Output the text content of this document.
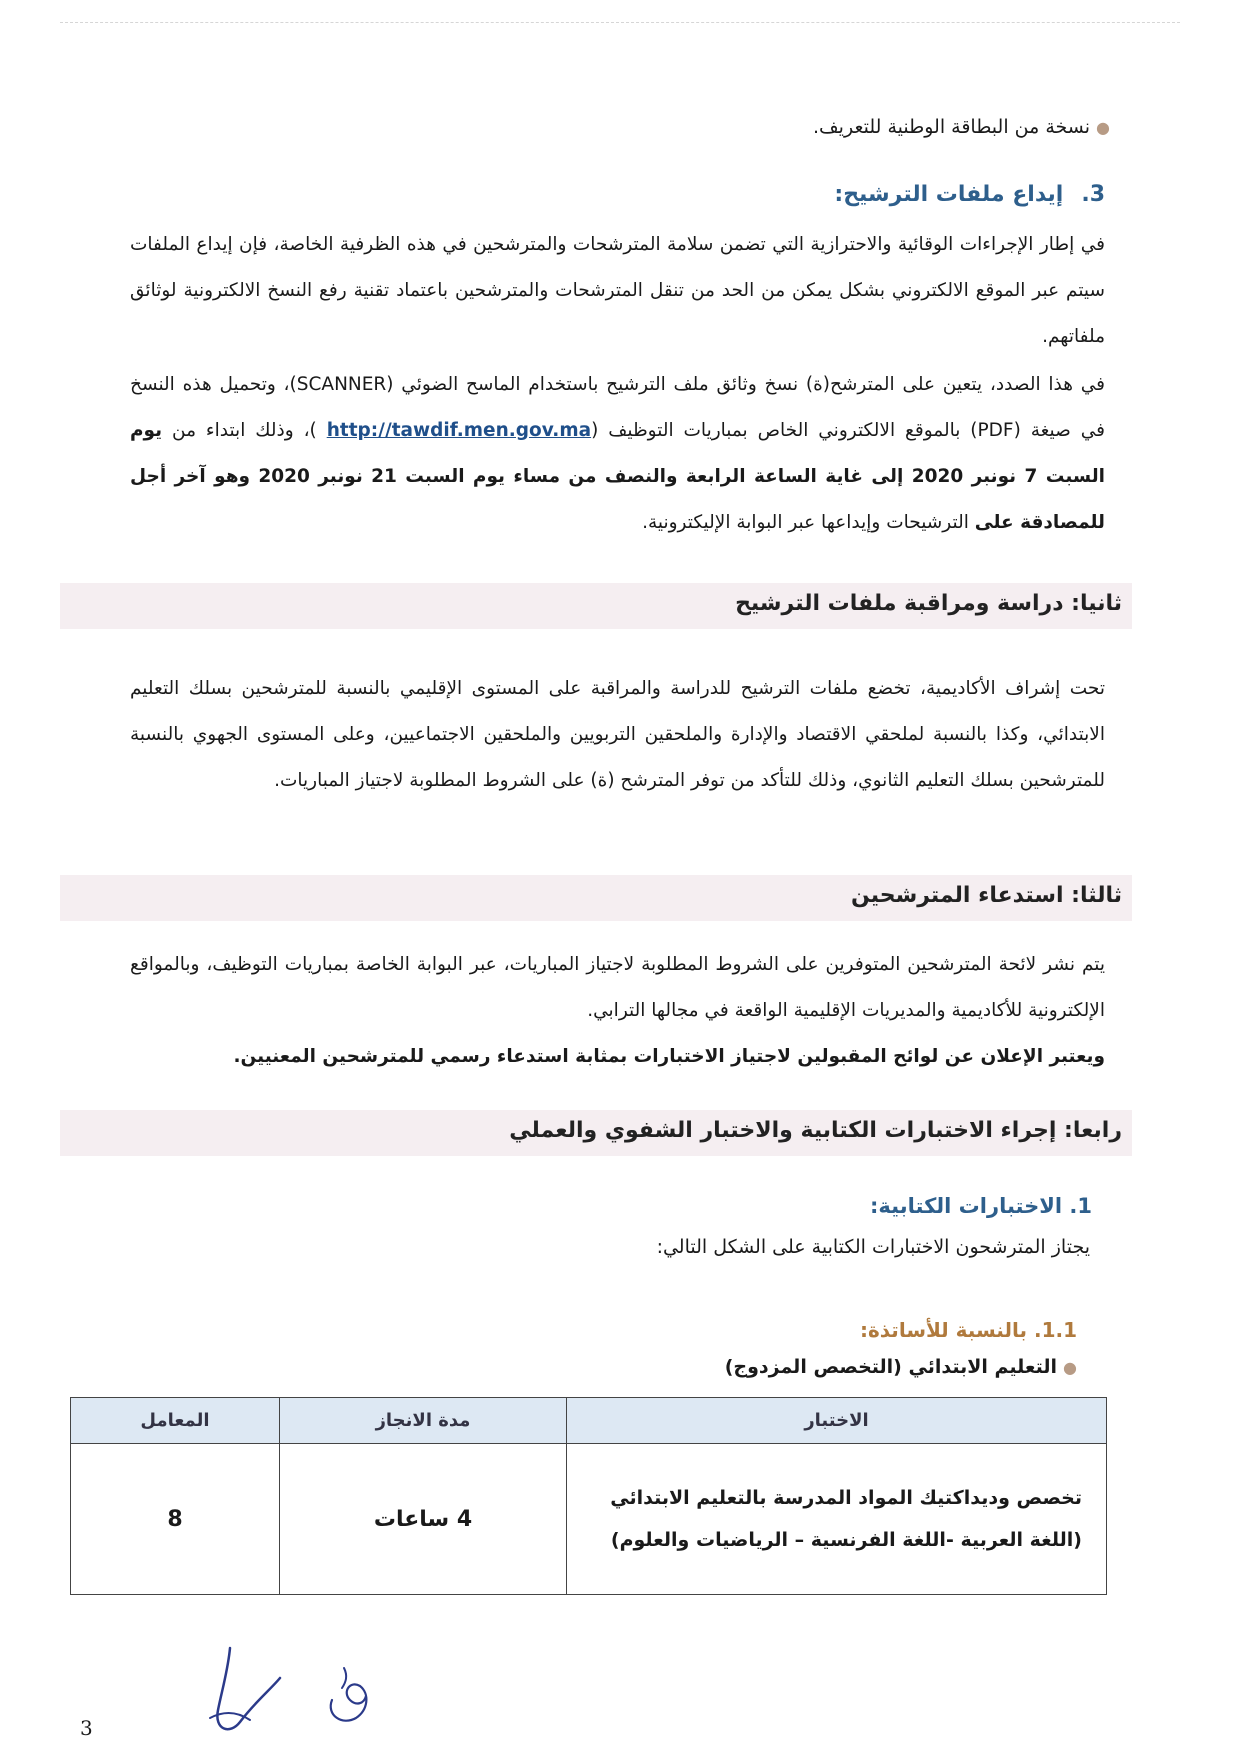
●نسخة من البطاقة الوطنية للتعريف.
3.إيداع ملفات الترشيح:
في إطار الإجراءات الوقائية والاحترازية التي تضمن سلامة المترشحات والمترشحين في هذه الظرفية الخاصة، فإن إيداع الملفات سيتم عبر الموقع الالكتروني بشكل يمكن من الحد من تنقل المترشحات والمترشحين باعتماد تقنية رفع النسخ الالكترونية لوثائق ملفاتهم.
في هذا الصدد، يتعين على المترشح(ة) نسخ وثائق ملف الترشيح باستخدام الماسح الضوئي (SCANNER)، وتحميل هذه النسخ في صيغة (PDF) بالموقع الالكتروني الخاص بمباريات التوظيف (http://tawdif.men.gov.ma )، وذلك ابتداء من يوم السبت 7 نونبر 2020 إلى غاية الساعة الرابعة والنصف من مساء يوم السبت 21 نونبر 2020 وهو آخر أجل للمصادقة على الترشيحات وإيداعها عبر البوابة الإليكترونية.
ثانيا: دراسة ومراقبة ملفات الترشيح
تحت إشراف الأكاديمية، تخضع ملفات الترشيح للدراسة والمراقبة على المستوى الإقليمي بالنسبة للمترشحين بسلك التعليم الابتدائي، وكذا بالنسبة لملحقي الاقتصاد والإدارة والملحقين التربويين والملحقين الاجتماعيين، وعلى المستوى الجهوي بالنسبة للمترشحين بسلك التعليم الثانوي، وذلك للتأكد من توفر المترشح (ة) على الشروط المطلوبة لاجتياز المباريات.
ثالثا: استدعاء المترشحين
يتم نشر لائحة المترشحين المتوفرين على الشروط المطلوبة لاجتياز المباريات، عبر البوابة الخاصة بمباريات التوظيف، وبالمواقع الإلكترونية للأكاديمية والمديريات الإقليمية الواقعة في مجالها الترابي.
ويعتبر الإعلان عن لوائح المقبولين لاجتياز الاختبارات بمثابة استدعاء رسمي للمترشحين المعنيين.
رابعا: إجراء الاختبارات الكتابية والاختبار الشفوي والعملي
1. الاختبارات الكتابية:
يجتاز المترشحون الاختبارات الكتابية على الشكل التالي:
1.1. بالنسبة للأساتذة:
●التعليم الابتدائي (التخصص المزدوج)
الاختبار	مدة الانجاز	المعامل
تخصص وديداكتيك المواد المدرسة بالتعليم الابتدائي (اللغة العربية -اللغة الفرنسية – الرياضيات والعلوم)	4 ساعات	8
3
